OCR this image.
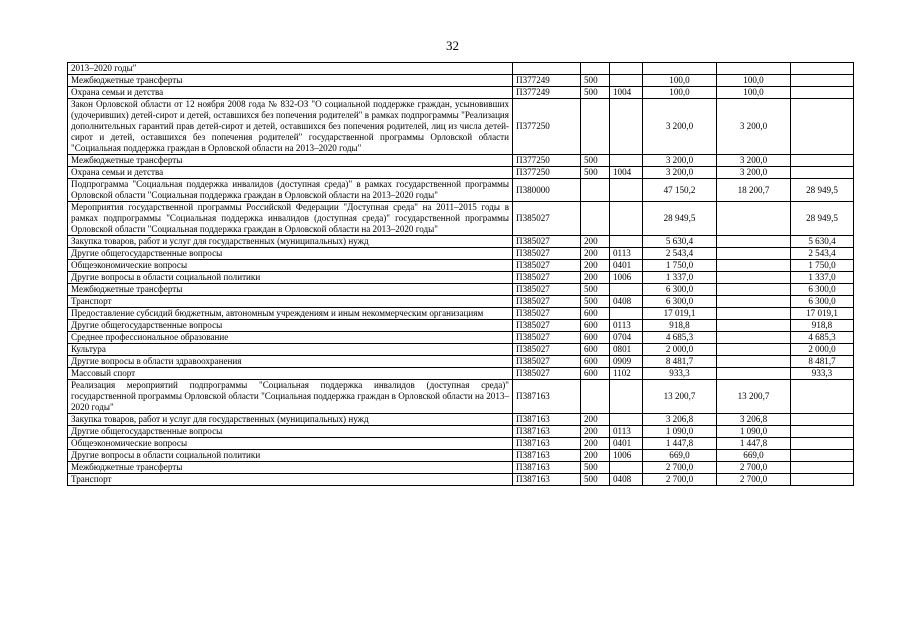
32
2013–2020 годы"						
Межбюджетные трансферты	П377249	500		100,0	100,0	
Охрана семьи и детства	П377249	500	1004	100,0	100,0	
Закон Орловской области от 12 ноября 2008 года № 832-ОЗ "О социальной поддержке граждан, усыновивших (удочеривших) детей-сирот и детей, оставшихся без попечения родителей" в рамках подпрограммы "Реализация дополнительных гарантий прав детей-сирот и детей, оставшихся без попечения родителей, лиц из числа детей-сирот и детей, оставшихся без попечения родителей" государственной программы Орловской области "Социальная поддержка граждан в Орловской области на 2013–2020 годы"	П377250			3 200,0	3 200,0	
Межбюджетные трансферты	П377250	500		3 200,0	3 200,0	
Охрана семьи и детства	П377250	500	1004	3 200,0	3 200,0	
Подпрограмма "Социальная поддержка инвалидов (доступная среда)" в рамках государственной программы Орловской области "Социальная поддержка граждан в Орловской области на 2013–2020 годы"	П380000			47 150,2	18 200,7	28 949,5
Мероприятия государственной программы Российской Федерации "Доступная среда" на 2011–2015 годы в рамках подпрограммы "Социальная поддержка инвалидов (доступная среда)" государственной программы Орловской области "Социальная поддержка граждан в Орловской области на 2013–2020 годы"	П385027			28 949,5		28 949,5
Закупка товаров, работ и услуг для государственных (муниципальных) нужд	П385027	200		5 630,4		5 630,4
Другие общегосударственные вопросы	П385027	200	0113	2 543,4		2 543,4
Общеэкономические вопросы	П385027	200	0401	1 750,0		1 750,0
Другие вопросы в области социальной политики	П385027	200	1006	1 337,0		1 337,0
Межбюджетные трансферты	П385027	500		6 300,0		6 300,0
Транспорт	П385027	500	0408	6 300,0		6 300,0
Предоставление субсидий бюджетным, автономным учреждениям и иным некоммерческим организациям	П385027	600		17 019,1		17 019,1
Другие общегосударственные вопросы	П385027	600	0113	918,8		918,8
Среднее профессиональное образование	П385027	600	0704	4 685,3		4 685,3
Культура	П385027	600	0801	2 000,0		2 000,0
Другие вопросы в области здравоохранения	П385027	600	0909	8 481,7		8 481,7
Массовый спорт	П385027	600	1102	933,3		933,3
Реализация мероприятий подпрограммы "Социальная поддержка инвалидов (доступная среда)" государственной программы Орловской области "Социальная поддержка граждан в Орловской области на 2013–2020 годы"	П387163			13 200,7	13 200,7	
Закупка товаров, работ и услуг для государственных (муниципальных) нужд	П387163	200		3 206,8	3 206,8	
Другие общегосударственные вопросы	П387163	200	0113	1 090,0	1 090,0	
Общеэкономические вопросы	П387163	200	0401	1 447,8	1 447,8	
Другие вопросы в области социальной политики	П387163	200	1006	669,0	669,0	
Межбюджетные трансферты	П387163	500		2 700,0	2 700,0	
Транспорт	П387163	500	0408	2 700,0	2 700,0	
